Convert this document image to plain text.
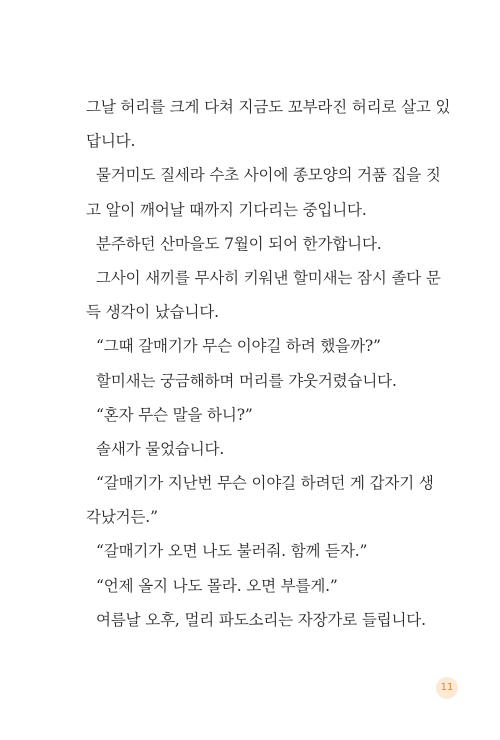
그날 허리를 크게 다쳐 지금도 꼬부라진 허리로 살고 있
답니다.
물거미도 질세라 수초 사이에 종모양의 거품 집을 짓
고 알이 깨어날 때까지 기다리는 중입니다.
분주하던 산마을도 7월이 되어 한가합니다.
그사이 새끼를 무사히 키워낸 할미새는 잠시 졸다 문
득 생각이 났습니다.
“그때 갈매기가 무슨 이야길 하려 했을까?”
할미새는 궁금해하며 머리를 갸웃거렸습니다.
“혼자 무슨 말을 하니?”
솔새가 물었습니다.
“갈매기가 지난번 무슨 이야길 하려던 게 갑자기 생
각났거든.”
“갈매기가 오면 나도 불러줘. 함께 듣자.”
“언제 올지 나도 몰라. 오면 부를게.”
여름날 오후, 멀리 파도소리는 자장가로 들립니다.
11
